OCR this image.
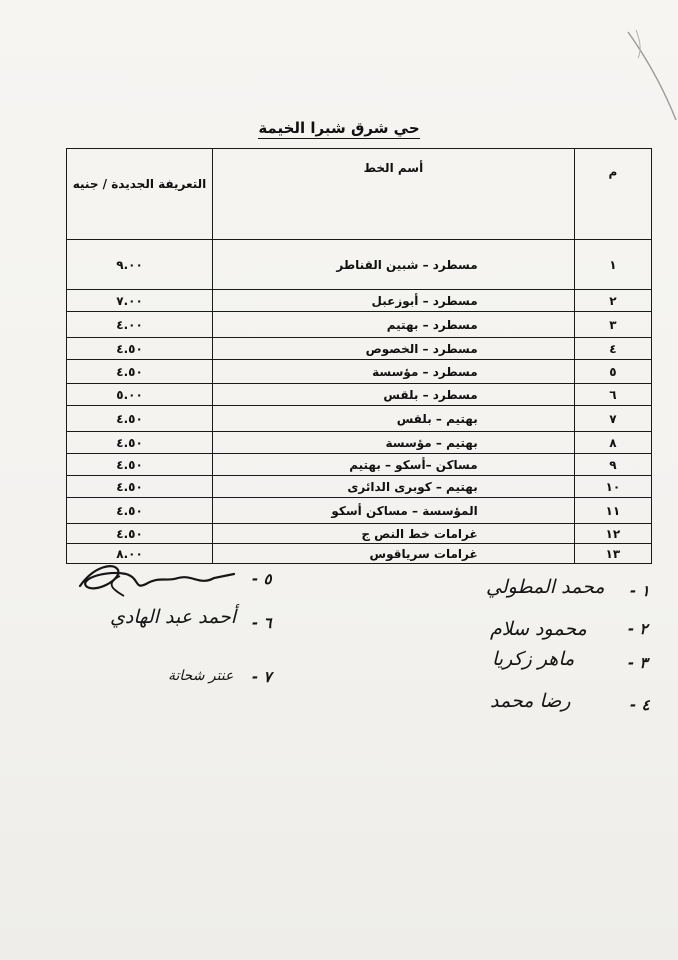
حي شرق شبرا الخيمة
م	أسم الخط	التعريفة الجديدة / جنيه
١	مسطرد – شبين القناطر	٩.٠٠
٢	مسطرد – أبوزعبل	٧.٠٠
٣	مسطرد – بهتيم	٤.٠٠
٤	مسطرد – الخصوص	٤.٥٠
٥	مسطرد – مؤسسة	٤.٥٠
٦	مسطرد – بلقس	٥.٠٠
٧	بهتيم – بلقس	٤.٥٠
٨	بهتيم – مؤسسة	٤.٥٠
٩	مساكن –أسكو – بهتيم	٤.٥٠
١٠	بهتيم – كوبرى الدائرى	٤.٥٠
١١	المؤسسة – مساكن أسكو	٤.٥٠
١٢	غرامات خط النص ج	٤.٥٠
١٣	غرامات سرياقوس	٨.٠٠
١ -
محمد المطولي
٢ -
محمود سلام
٣ -
ماهر زكريا
٤ -
رضا محمد
٥ -
٦ -
أحمد عبد الهادي
٧ -
عنتر شحاتة
